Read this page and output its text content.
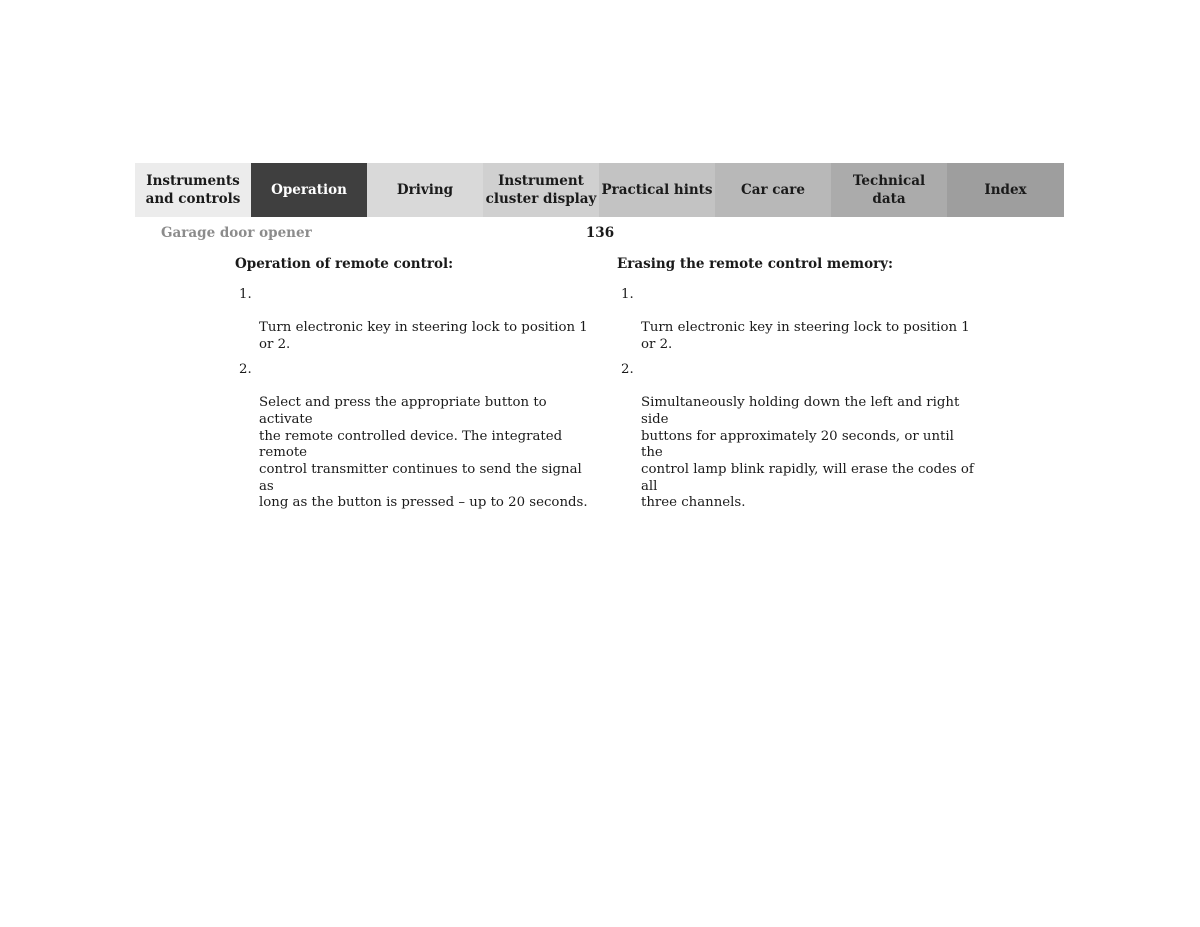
Instruments
and controls
Operation	Driving
Instrument
cluster display
Practical hints	Car care
Technical
data
Index
Garage door opener	136
Operation of remote control:

1.

Turn electronic key in steering lock to position 1
or 2.

2.

Select and press the appropriate button to activate
the remote controlled device. The integrated remote
control transmitter continues to send the signal as
long as the button is pressed – up to 20 seconds.

Erasing the remote control memory:

1.

Turn electronic key in steering lock to position 1
or 2.

2.

Simultaneously holding down the left and right side
buttons for approximately 20 seconds, or until the
control lamp blink rapidly, will erase the codes of all
three channels.
